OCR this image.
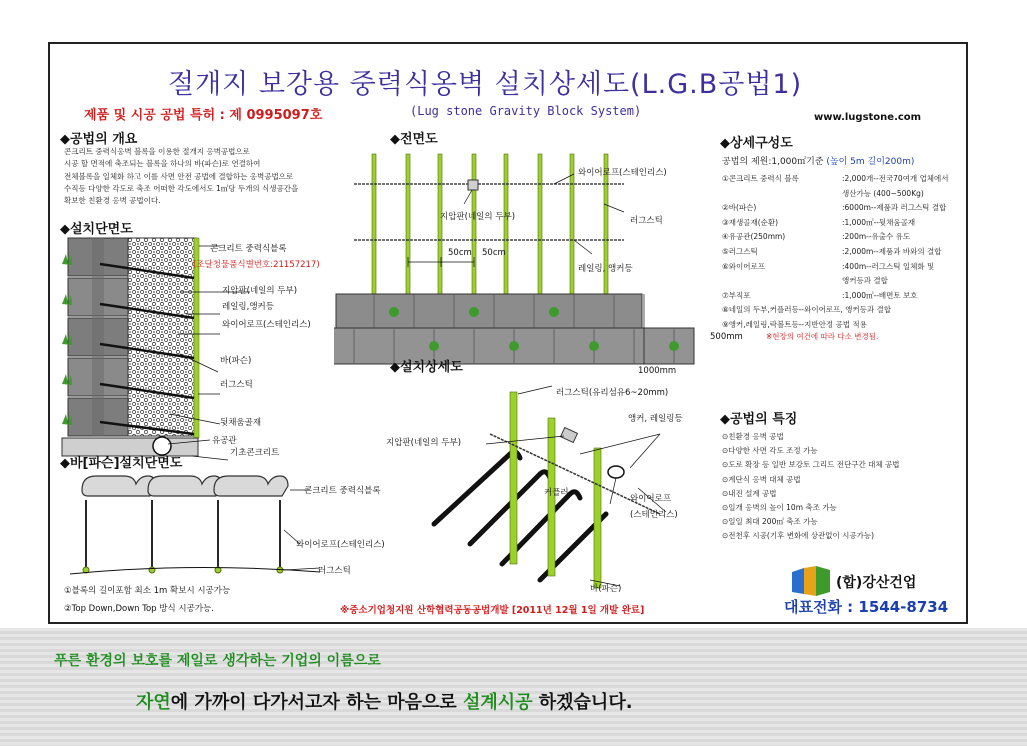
절개지 보강용 중력식옹벽 설치상세도(L.G.B공법1)
제품 및 시공 공법 특허 : 제 0995097호	(Lug stone Gravity Block System)	www.lugstone.com
◆공법의 개요
콘크리트 중력식옹벽 블록을 이용한 절개지 옹벽공법으로
시공 할 면적에 축조되는 블록을 하나의 바(파슨)로 연결하여
전체블록을 일체화 하고 이를 사면 안전 공법에 결합하는 옹벽공법으로
수직등 다양한 각도로 축조 어떠한 각도에서도 1㎡당 두개의 식생공간을
확보한 친환경 옹벽 공법이다.
◆설치단면도
콘크리트 중력식블록
(조달청물품식별번호:21157217)
지압판(네일의 두부)
레일링,앵커등
와이어로프(스테인리스)
바(파슨)
러그스틱
뒷채움골재
유공관
기초콘크리트
◆바[파슨]설치단면도
콘크리트 중력식블록
와이어로프(스테인리스)
러그스틱
①블록의 길이포함 최소 1m 확보시 시공가능
②Top Down,Down Top 방식 시공가능.
◆전면도
와이어로프(스테인리스)
러그스틱
지압판(네일의 두부)
50cm 50cm
레일링, 앵커등
500mm
1000mm
◆설치상세도
러그스틱(유리섬유6~20mm)
앵커, 레일링등
지압판(네일의 두부)
커플러
와이어로프
(스테인리스)
바(파슨)
◆상세구성도
공법의 제원:1,000㎡기준 (높이 5m 길이200m)
①콘크리트 중력식 블록	:2,000개--전국70여개 업체에서
생산가능 (400~500Kg)
②바(파슨)	:6000m--제품과 러그스틱 결합
③재생골재(순환)	:1,000㎥--뒷채움골재
④유공관(250mm)	:200m--유출수 유도
⑤러그스틱	:2,000m--제품과 바와의 결합
⑥와이어로프	:400m--러그스틱 일체화 및
앵커등과 결합
⑦부직포	:1,000㎡--배면토 보호
⑧네일의 두부,커플러등--와이어로프, 앵커등과 결합
⑨앵커,레일링,락볼트등--지반안정 공법 적용
※현장의 여건에 따라 다소 변경됨.
◆공법의 특징
⊙친환경 옹벽 공법
⊙다양한 사면 각도 조정 가능
⊙도로 확장 등 일반 보강토 그리드 전단구간 대체 공법
⊙계단식 옹벽 대체 공법
⊙내진 설계 공법
⊙일개 옹벽의 높이 10m 축조 가능
⊙일일 최대 200㎡ 축조 가능
⊙전천후 시공(기후 변화에 상관없이 시공가능)
(합)강산건업
대표전화 : 1544-8734
※중소기업청지원 산학협력공동공법개발 [2011년 12월 1일 개발 완료]
푸른 환경의 보호를 제일로 생각하는 기업의 이름으로
자연에 가까이 다가서고자 하는 마음으로 설계시공 하겠습니다.
